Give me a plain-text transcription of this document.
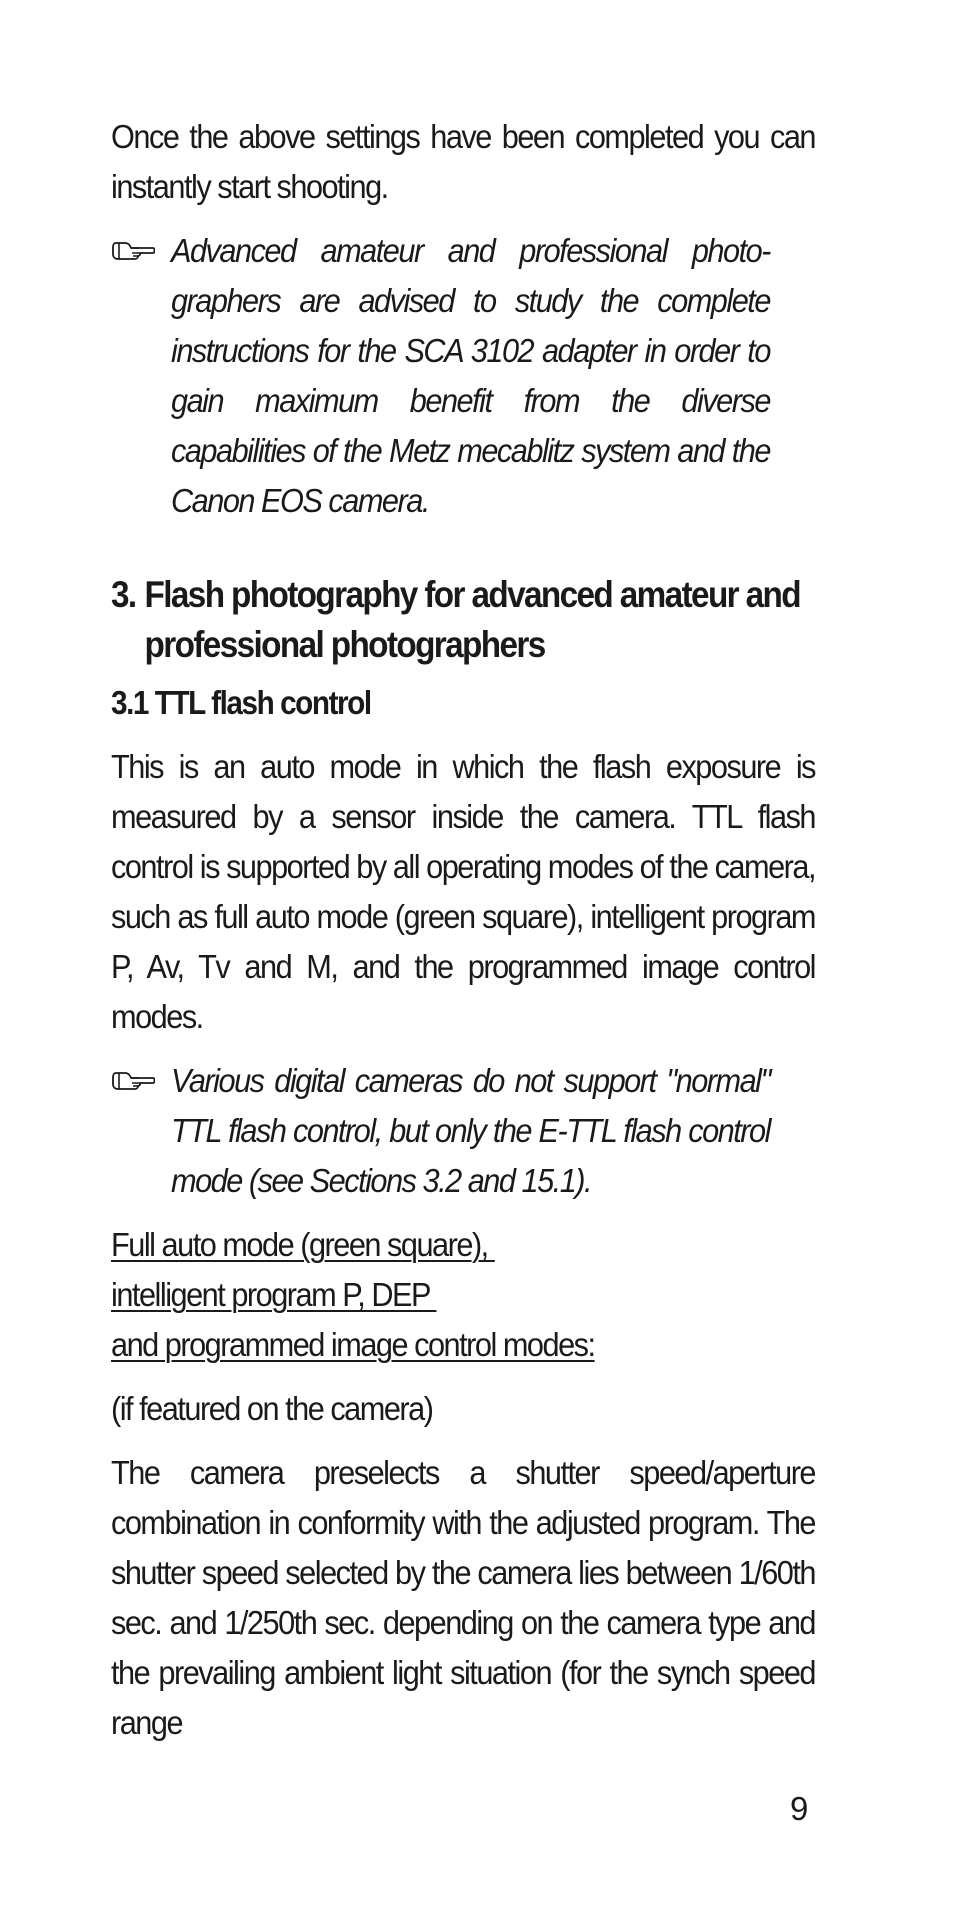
Once the above settings have been completed you can instantly start shooting.

Advanced amateur and professional photo-graphers are advised to study the complete instructions for the SCA 3102 adapter in order to gain maximum benefit from the diverse capabilities of the Metz mecablitz system and the Canon EOS camera.

3. Flash photography for advanced amateur and professional photographers
3.1 TTL flash control

This is an auto mode in which the flash exposure is measured by a sensor inside the camera. TTL flash control is supported by all operating modes of the camera, such as full auto mode (green square), intelligent program P, Av, Tv and M, and the programmed image control modes.

Various digital cameras do not support "normal" TTL flash control, but only the E-TTL flash control mode (see Sections 3.2 and 15.1).

Full auto mode (green square),
intelligent program P, DEP
and programmed image control modes:

(if featured on the camera)

The camera preselects a shutter speed/aperture combination in conformity with the adjusted program. The shutter speed selected by the camera lies between 1/60th sec. and 1/250th sec. depending on the camera type and the prevailing ambient light situation (for the synch speed range

9
